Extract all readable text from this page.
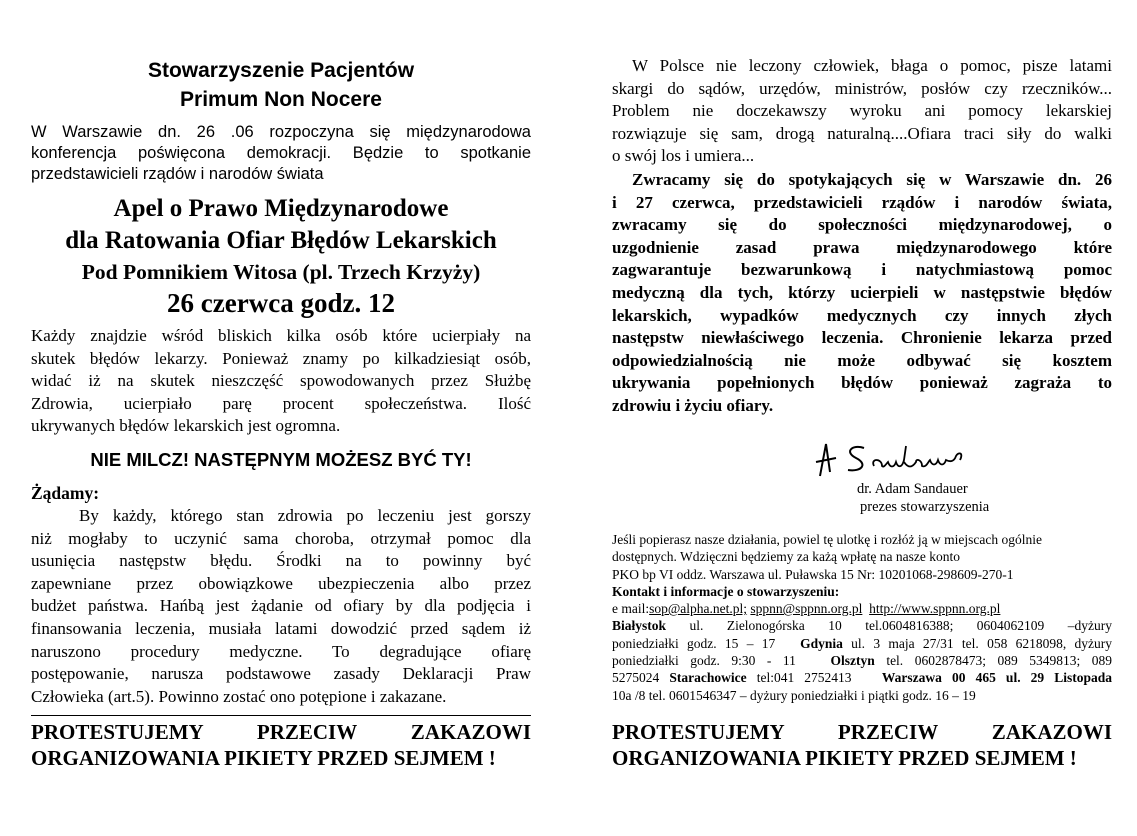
Stowarzyszenie Pacjentów
Primum Non Nocere
W Warszawie dn. 26 .06 rozpoczyna się międzynarodowa
konferencja poświęcona demokracji. Będzie to spotkanie
przedstawicieli rządów i narodów świata
Apel o Prawo Międzynarodowe
dla Ratowania Ofiar Błędów Lekarskich
Pod Pomnikiem Witosa (pl. Trzech Krzyży)
26 czerwca godz. 12
Każdy znajdzie wśród bliskich kilka osób które ucierpiały na
skutek błędów lekarzy. Ponieważ znamy po kilkadziesiąt osób,
widać iż na skutek nieszczęść spowodowanych przez Służbę
Zdrowia, ucierpiało parę procent społeczeństwa. Ilość
ukrywanych błędów lekarskich jest ogromna.
NIE MILCZ! NASTĘPNYM MOŻESZ BYĆ TY!
Żądamy:
By każdy, którego stan zdrowia po leczeniu jest gorszy
niż mogłaby to uczynić sama choroba, otrzymał pomoc dla
usunięcia następstw błędu. Środki na to powinny być
zapewniane przez obowiązkowe ubezpieczenia albo przez
budżet państwa. Hańbą jest żądanie od ofiary by dla podjęcia i
finansowania leczenia, musiała latami dowodzić przed sądem iż
naruszono procedury medyczne. To degradujące ofiarę
postępowanie, narusza podstawowe zasady Deklaracji Praw
Człowieka (art.5). Powinno zostać ono potępione i zakazane.
PROTESTUJEMY PRZECIW ZAKAZOWI
ORGANIZOWANIA PIKIETY PRZED SEJMEM !
W Polsce nie leczony człowiek, błaga o pomoc, pisze latami
skargi do sądów, urzędów, ministrów, posłów czy rzeczników...
Problem nie doczekawszy wyroku ani pomocy lekarskiej
rozwiązuje się sam, drogą naturalną....Ofiara traci siły do walki
o swój los i umiera...
Zwracamy się do spotykających się w Warszawie dn. 26
i 27 czerwca, przedstawicieli rządów i narodów świata,
zwracamy się do społeczności międzynarodowej, o
uzgodnienie zasad prawa międzynarodowego które
zagwarantuje bezwarunkową i natychmiastową pomoc
medyczną dla tych, którzy ucierpieli w następstwie błędów
lekarskich, wypadków medycznych czy innych złych
następstw niewłaściwego leczenia. Chronienie lekarza przed
odpowiedzialnością nie może odbywać się kosztem
ukrywania popełnionych błędów ponieważ zagraża to
zdrowiu i życiu ofiary.
dr. Adam Sandauer
prezes stowarzyszenia
Jeśli popierasz nasze działania, powiel tę ulotkę i rozłóż ją w miejscach ogólnie
dostępnych. Wdzięczni będziemy za każą wpłatę na nasze konto
PKO bp VI oddz. Warszawa ul. Puławska 15 Nr: 10201068-298609-270-1
Kontakt i informacje o stowarzyszeniu:
e mail:sop@alpha.net.pl; sppnn@sppnn.org.pl http://www.sppnn.org.pl
Białystok ul. Zielonogórska 10 tel.0604816388; 0604062109 –dyżury
poniedziałki godz. 15 – 17 Gdynia ul. 3 maja 27/31 tel. 058 6218098, dyżury
poniedziałki godz. 9:30 - 11	Olsztyn tel. 0602878473; 089 5349813; 089
5275024 Starachowice tel:041 2752413 Warszawa 00 465 ul. 29 Listopada
10a /8 tel. 0601546347 – dyżury poniedziałki i piątki godz. 16 – 19
PROTESTUJEMY PRZECIW ZAKAZOWI
ORGANIZOWANIA PIKIETY PRZED SEJMEM !
